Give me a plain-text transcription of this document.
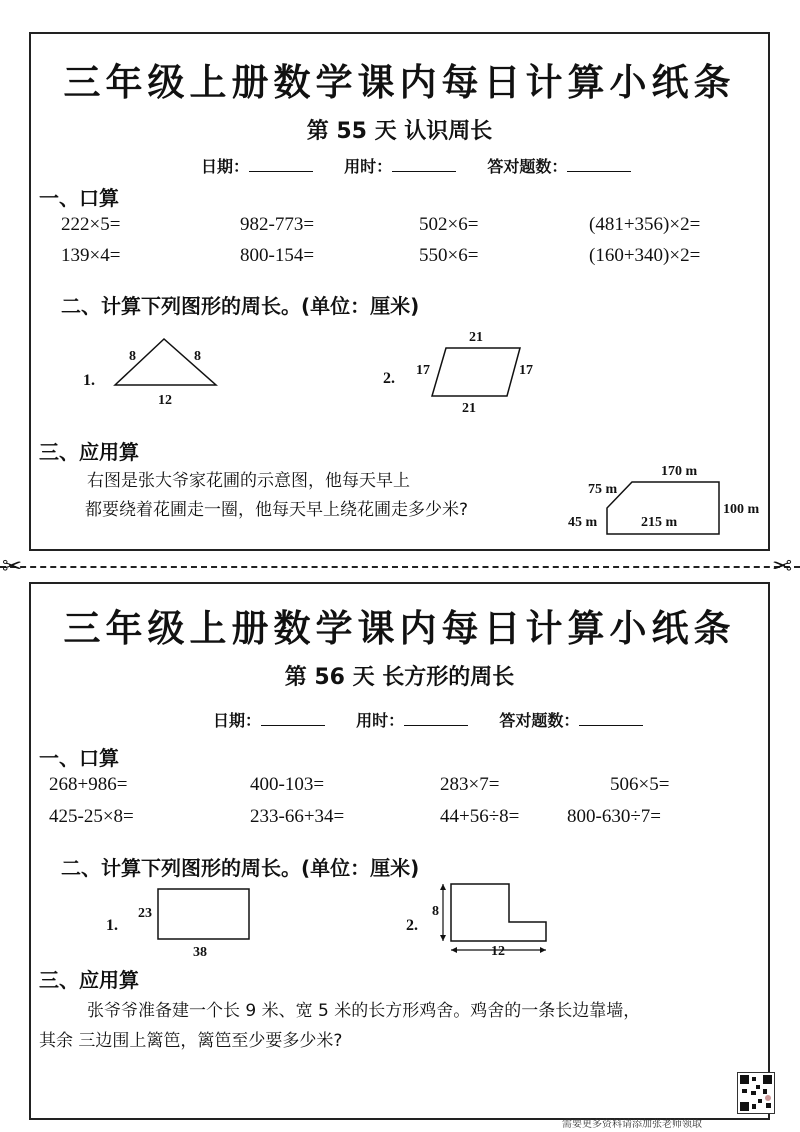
三年级上册数学课内每日计算小纸条
第 55 天 认识周长
日期：	用时：	答对题数：
一、口算
222×5=	982-773=	502×6=	(481+356)×2=
139×4=	800-154=	550×6=	(160+340)×2=
二、计算下列图形的周长。(单位：厘米)
1.
8	8
12
2.
21
17	17
21
三、应用算
右图是张大爷家花圃的示意图，他每天早上
都要绕着花圃走一圈，他每天早上绕花圃走多少米?
170 m
75 m
45 m	215 m
100 m
✂	✂
三年级上册数学课内每日计算小纸条
第 56 天 长方形的周长
日期：	用时：	答对题数：
一、口算
268+986=	400-103=	283×7=	506×5=
425-25×8=	233-66+34=	44+56÷8=	800-630÷7=
二、计算下列图形的周长。(单位：厘米)
1.
23
38
2.
8
12
三、应用算
张爷爷准备建一个长 9 米、宽 5 米的长方形鸡舍。鸡舍的一条长边靠墙，
其余 三边围上篱笆，篱笆至少要多少米?
需要更多资料请添加张老师领取
